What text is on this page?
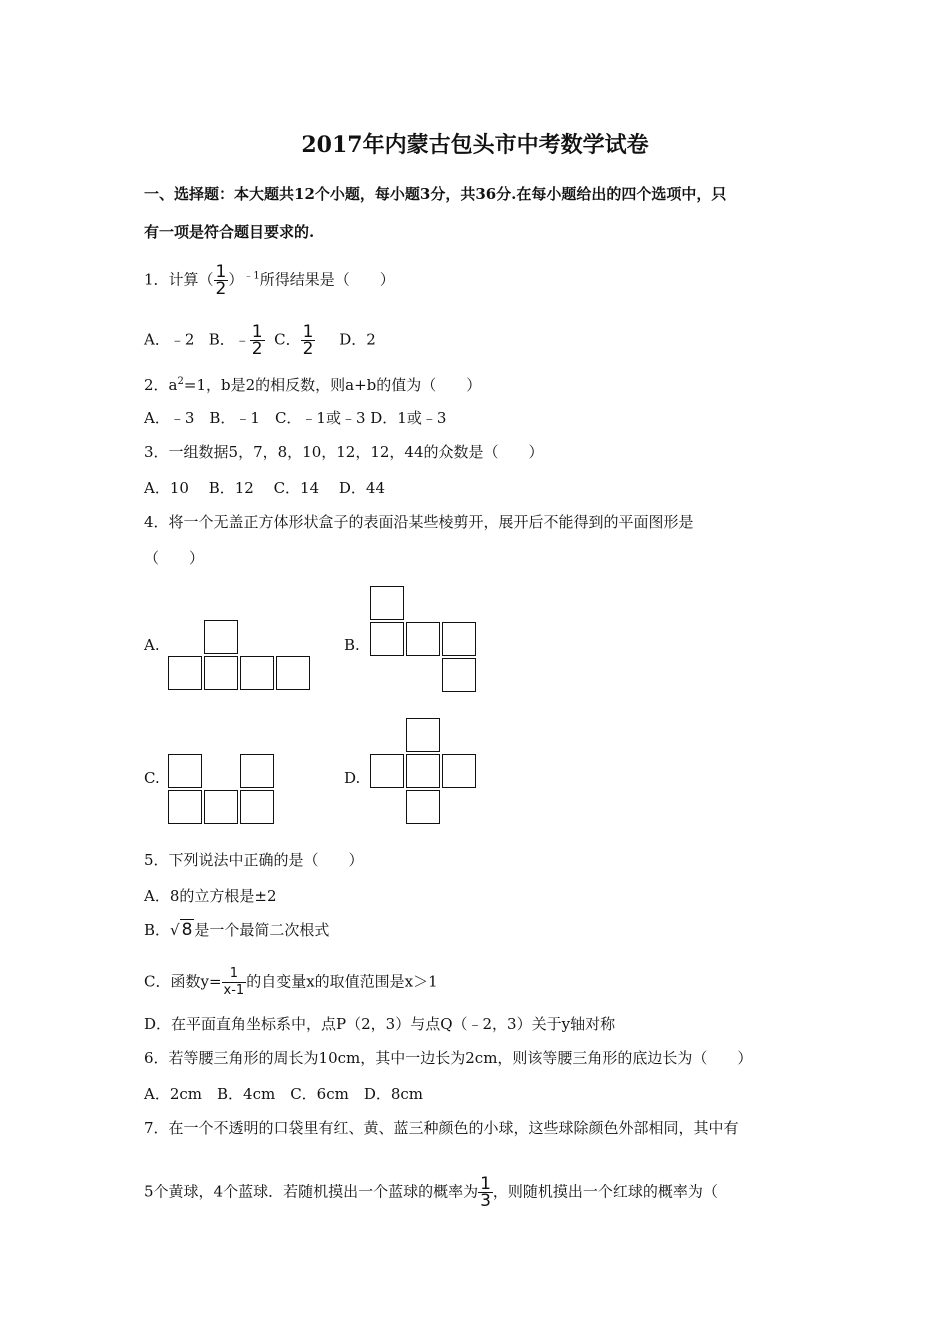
2017年内蒙古包头市中考数学试卷
一、选择题：本大题共12个小题，每小题3分，共36分.在每小题给出的四个选项中，只
有一项是符合题目要求的.
1．计算（ $\frac{1}{2} )^{﹣1}$所得结果是（　　）
A．﹣2 B．﹣ $\frac{1}{2}$ C． $\frac{1}{2}$ D．2
2．$a^2=1$，b是2的相反数，则a+b的值为（　　）
A．﹣3　B．﹣1　C．﹣1或﹣3 D．1或﹣3
3．一组数据5，7，8，10，12，12，44的众数是（　　）
A．10　 B．12　 C．14　 D．44
4．将一个无盖正方体形状盒子的表面沿某些棱剪开，展开后不能得到的平面图形是
（　　）
A.	B.
C.	D.
5．下列说法中正确的是（　　）
A．8的立方根是±2
B．√ 8 是一个最简二次根式
C．函数$y= \frac{1}{x-1}$ 的自变量x的取值范围是x＞1
D．在平面直角坐标系中，点P（2，3）与点Q（﹣2，3）关于y轴对称
6．若等腰三角形的周长为10cm，其中一边长为2cm，则该等腰三角形的底边长为（　　）
A．2cm　B．4cm　C．6cm　D．8cm
7．在一个不透明的口袋里有红、黄、蓝三种颜色的小球，这些球除颜色外部相同，其中有
5个黄球，4个蓝球．若随机摸出一个蓝球的概率为 $\frac{1}{3}$ ，则随机摸出一个红球的概率为（
